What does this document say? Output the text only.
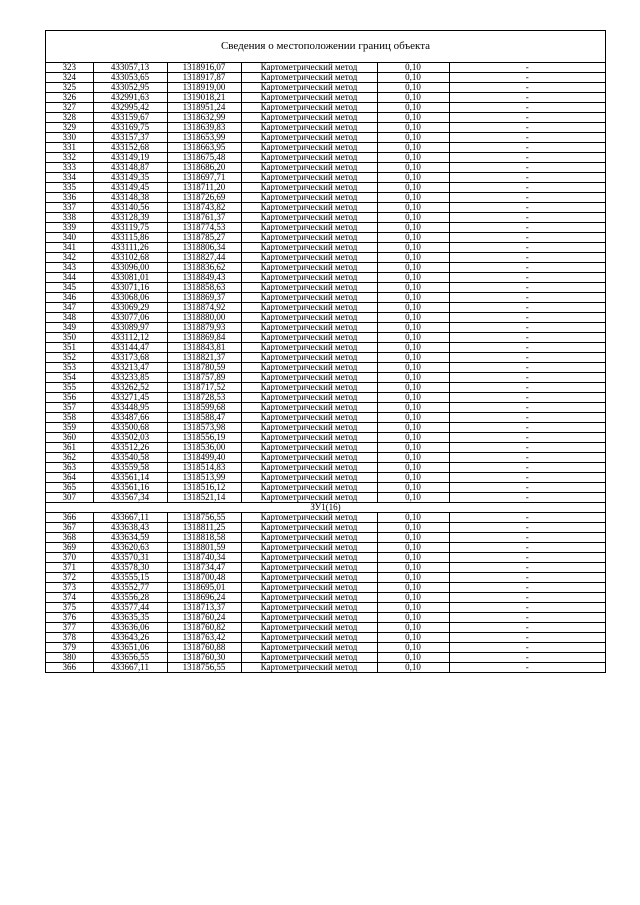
Сведения о местоположении границ объекта
323	433057,13	1318916,07	Картометрический метод	0,10	-
324	433053,65	1318917,87	Картометрический метод	0,10	-
325	433052,95	1318919,00	Картометрический метод	0,10	-
326	432991,63	1319018,21	Картометрический метод	0,10	-
327	432995,42	1318951,24	Картометрический метод	0,10	-
328	433159,67	1318632,99	Картометрический метод	0,10	-
329	433169,75	1318639,83	Картометрический метод	0,10	-
330	433157,37	1318653,99	Картометрический метод	0,10	-
331	433152,68	1318663,95	Картометрический метод	0,10	-
332	433149,19	1318675,48	Картометрический метод	0,10	-
333	433148,87	1318686,20	Картометрический метод	0,10	-
334	433149,35	1318697,71	Картометрический метод	0,10	-
335	433149,45	1318711,20	Картометрический метод	0,10	-
336	433148,38	1318726,69	Картометрический метод	0,10	-
337	433140,56	1318743,82	Картометрический метод	0,10	-
338	433128,39	1318761,37	Картометрический метод	0,10	-
339	433119,75	1318774,53	Картометрический метод	0,10	-
340	433115,86	1318785,27	Картометрический метод	0,10	-
341	433111,26	1318806,34	Картометрический метод	0,10	-
342	433102,68	1318827,44	Картометрический метод	0,10	-
343	433096,00	1318836,62	Картометрический метод	0,10	-
344	433081,01	1318849,43	Картометрический метод	0,10	-
345	433071,16	1318858,63	Картометрический метод	0,10	-
346	433068,06	1318869,37	Картометрический метод	0,10	-
347	433069,29	1318874,92	Картометрический метод	0,10	-
348	433077,06	1318880,00	Картометрический метод	0,10	-
349	433089,97	1318879,93	Картометрический метод	0,10	-
350	433112,12	1318869,84	Картометрический метод	0,10	-
351	433144,47	1318843,81	Картометрический метод	0,10	-
352	433173,68	1318821,37	Картометрический метод	0,10	-
353	433213,47	1318780,59	Картометрический метод	0,10	-
354	433233,85	1318757,89	Картометрический метод	0,10	-
355	433262,52	1318717,52	Картометрический метод	0,10	-
356	433271,45	1318728,53	Картометрический метод	0,10	-
357	433448,95	1318599,68	Картометрический метод	0,10	-
358	433487,66	1318588,47	Картометрический метод	0,10	-
359	433500,68	1318573,98	Картометрический метод	0,10	-
360	433502,03	1318556,19	Картометрический метод	0,10	-
361	433512,26	1318536,00	Картометрический метод	0,10	-
362	433540,58	1318499,40	Картометрический метод	0,10	-
363	433559,58	1318514,83	Картометрический метод	0,10	-
364	433561,14	1318513,99	Картометрический метод	0,10	-
365	433561,16	1318516,12	Картометрический метод	0,10	-
307	433567,34	1318521,14	Картометрический метод	0,10	-
ЗУ1(16)					
366	433667,11	1318756,55	Картометрический метод	0,10	-
367	433638,43	1318811,25	Картометрический метод	0,10	-
368	433634,59	1318818,58	Картометрический метод	0,10	-
369	433620,63	1318801,59	Картометрический метод	0,10	-
370	433570,31	1318740,34	Картометрический метод	0,10	-
371	433578,30	1318734,47	Картометрический метод	0,10	-
372	433555,15	1318700,48	Картометрический метод	0,10	-
373	433552,77	1318695,01	Картометрический метод	0,10	-
374	433556,28	1318696,24	Картометрический метод	0,10	-
375	433577,44	1318713,37	Картометрический метод	0,10	-
376	433635,35	1318760,24	Картометрический метод	0,10	-
377	433636,06	1318760,82	Картометрический метод	0,10	-
378	433643,26	1318763,42	Картометрический метод	0,10	-
379	433651,06	1318760,88	Картометрический метод	0,10	-
380	433656,55	1318760,30	Картометрический метод	0,10	-
366	433667,11	1318756,55	Картометрический метод	0,10	-
